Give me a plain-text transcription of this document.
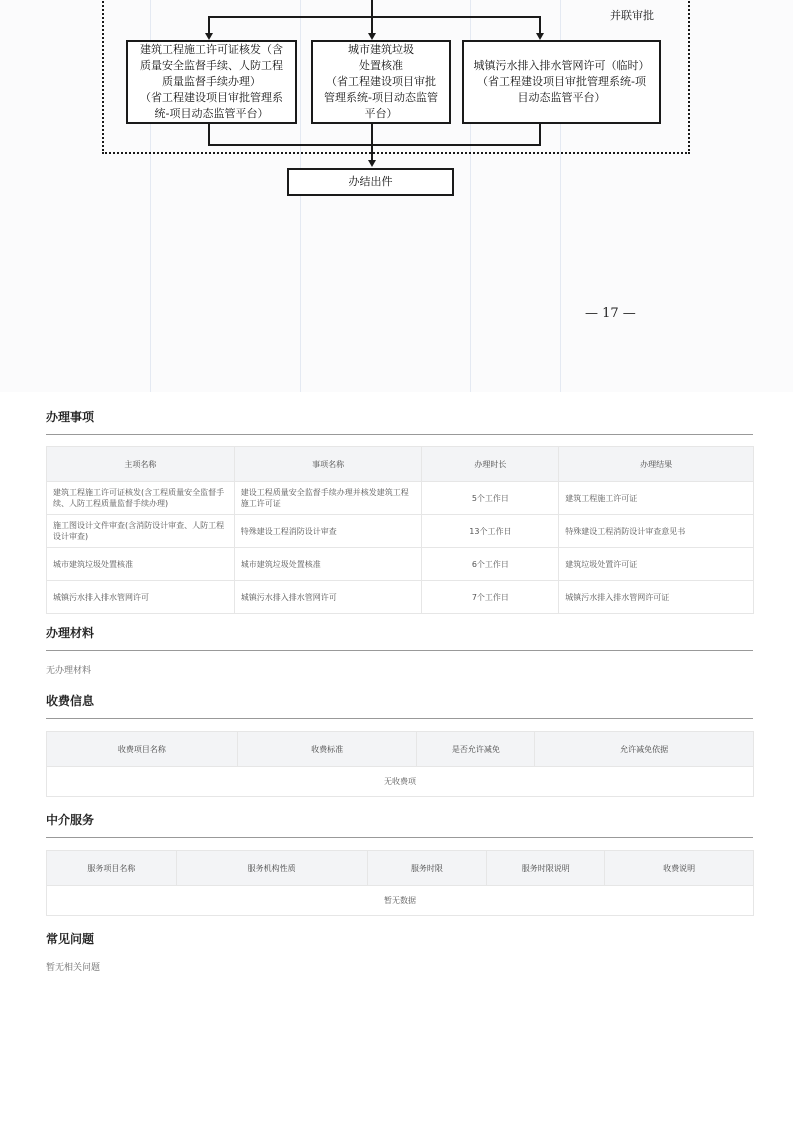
并联审批
建筑工程施工许可证核发（含
质量安全监督手续、人防工程
质量监督手续办理）
（省工程建设项目审批管理系
统-项目动态监管平台）
城市建筑垃圾
处置核准
（省工程建设项目审批
管理系统-项目动态监管
平台）
城镇污水排入排水管网许可（临时）
（省工程建设项目审批管理系统-项
目动态监管平台）
办结出件
— 17 —
办理事项
主项名称	事项名称	办理时长	办理结果
建筑工程施工许可证核发(含工程质量安全监督手续、人防工程质量监督手续办理)	建设工程质量安全监督手续办理并核发建筑工程施工许可证	5个工作日	建筑工程施工许可证
施工图设计文件审查(含消防设计审查、人防工程设计审查)	特殊建设工程消防设计审查	13个工作日	特殊建设工程消防设计审查意见书
城市建筑垃圾处置核准	城市建筑垃圾处置核准	6个工作日	建筑垃圾处置许可证
城镇污水排入排水管网许可	城镇污水排入排水管网许可	7个工作日	城镇污水排入排水管网许可证
办理材料
无办理材料
收费信息
收费项目名称	收费标准	是否允许减免	允许减免依据
无收费项
中介服务
服务项目名称	服务机构性质	服务时限	服务时限说明	收费说明
暂无数据
常见问题
暂无相关问题
